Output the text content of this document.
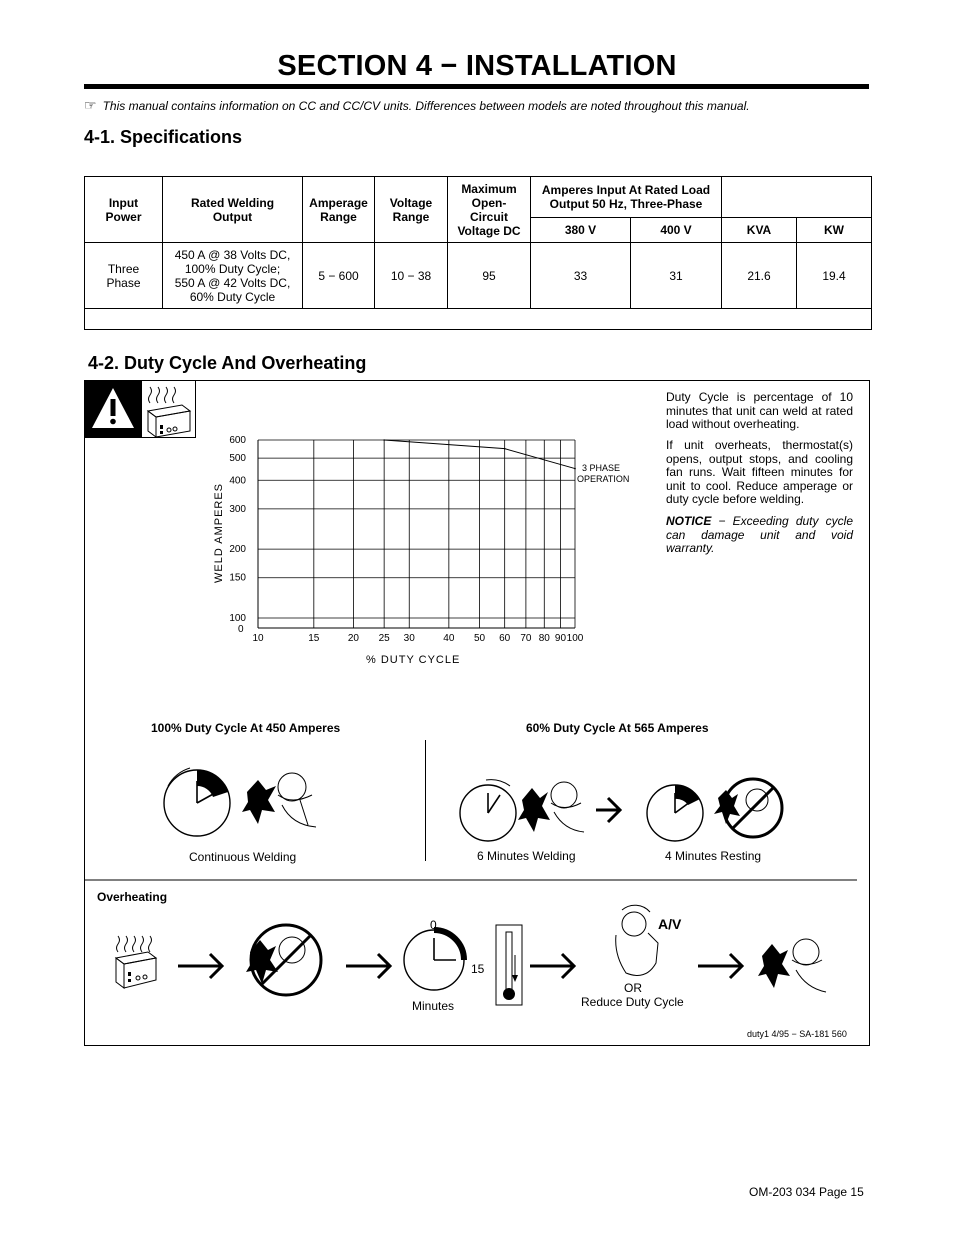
SECTION 4 − INSTALLATION
☞ This manual contains information on CC and CC/CV units. Differences between models are noted throughout this manual.
4-1. Specifications
Input
Power	Rated Welding
Output	Amperage
Range	Voltage
Range	Maximum
Open-
Circuit
Voltage DC	Amperes Input At Rated Load
Output 50 Hz, Three-Phase			
					380 V	400 V	KVA	KW
Three
Phase	450 A @ 38 Volts DC,
100% Duty Cycle;
550 A @ 42 Volts DC,
60% Duty Cycle	5 − 600	10 − 38	95	33	31	21.6	19.4

4-2. Duty Cycle And Overheating
Duty Cycle is percentage of 10 minutes that unit can weld at rated load without overheating.
If unit overheats, thermostat(s) opens, output stops, and cooling fan runs. Wait fifteen minutes for unit to cool. Reduce amperage or duty cycle before welding.
NOTICE − Exceeding duty cycle can damage unit and void warranty.
10	15	20 25 30	40 50 60 70 80 90 100
100
150
200
300
400
500
600
WELD AMPERES
% DUTY CYCLE
3 PHASE
OPERATION
0
100% Duty Cycle At 450 Amperes	60% Duty Cycle At 565 Amperes
Continuous Welding	6 Minutes Welding	4 Minutes Resting
Overheating
0
15
Minutes
A/V
OR
Reduce Duty Cycle
duty1 4/95 − SA-181 560
OM-203 034 Page 15
